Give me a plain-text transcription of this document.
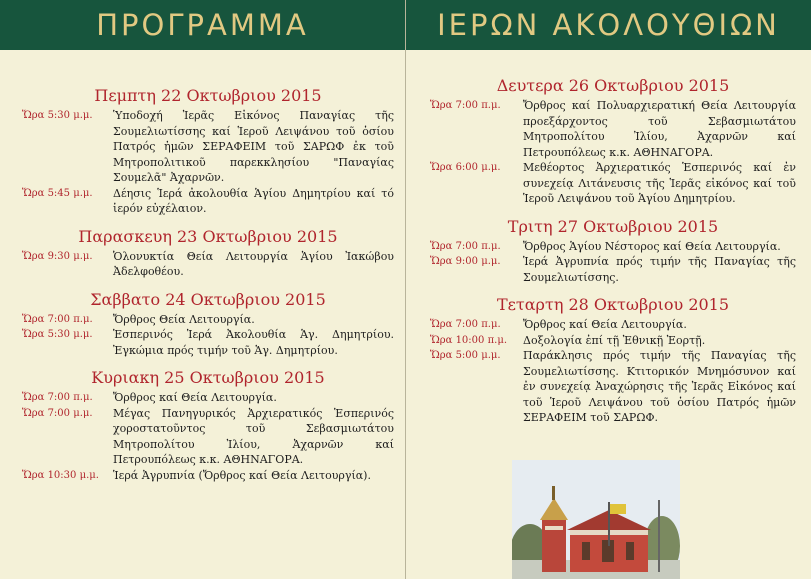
ΠΡΟΓΡΑΜΜΑ	ΙΕΡΩΝ ΑΚΟΛΟΥΘΙΩΝ
Πεμπτη 22 Οκτωβριου 2015
Ὥρα 5:30 μ.μ.	Ὑποδοχή Ἱερᾶς Εἰκόνος Παναγίας τῆς Σουμελιωτίσσης καί Ἱεροῦ Λειψάνου τοῦ ὁσίου Πατρός ἡμῶν ΣΕΡΑΦΕΙΜ τοῦ ΣΑΡΩΦ ἐκ τοῦ Μητροπολιτικοῦ παρεκκλησίου "Παναγίας Σουμελᾶ" Ἀχαρνῶν.
Ὥρα 5:45 μ.μ.	Δέησις Ἱερά ἀκολουθία Ἁγίου Δημητρίου καί τό ἱερόν εὐχέλαιον.
Παρασκευη 23 Οκτωβριου 2015
Ὥρα 9:30 μ.μ.	Ὁλονυκτία Θεία Λειτουργία Ἁγίου Ἰακώβου Ἀδελφοθέου.
Σαββατο 24 Οκτωβριου 2015
Ὥρα 7:00 π.μ.	Ὄρθρος Θεία Λειτουργία.
Ὥρα 5:30 μ.μ.	Ἑσπερινός Ἱερά Ἀκολουθία Ἁγ. Δημητρίου. Ἐγκώμια πρός τιμήν τοῦ Ἁγ. Δημητρίου.
Κυριακη 25 Οκτωβριου 2015
Ὥρα 7:00 π.μ.	Ὄρθρος καί Θεία Λειτουργία.
Ὥρα 7:00 μ.μ.	Μέγας Πανηγυρικός Ἀρχιερατικός Ἑσπερινός χοροστατοῦντος τοῦ Σεβασμιωτάτου Μητροπολίτου Ἰλίου, Ἀχαρνῶν καί Πετρουπόλεως κ.κ. ΑΘΗΝΑΓΟΡΑ.
Ὥρα 10:30 μ.μ.	Ἱερά Ἀγρυπνία (Ὄρθρος καί Θεία Λειτουργία).
Δευτερα 26 Οκτωβριου 2015
Ὥρα 7:00 π.μ.	Ὄρθρος καί Πολυαρχιερατική Θεία Λειτουργία προεξάρχοντος τοῦ Σεβασμιωτάτου Μητροπολίτου Ἰλίου, Ἀχαρνῶν καί Πετρουπόλεως κ.κ. ΑΘΗΝΑΓΟΡΑ.
Ὥρα 6:00 μ.μ.	Μεθέορτος Ἀρχιερατικός Ἑσπερινός καί ἐν συνεχείᾳ Λιτάνευσις τῆς Ἱερᾶς εἰκόνος καί τοῦ Ἱεροῦ Λειψάνου τοῦ Ἁγίου Δημητρίου.
Τριτη 27 Οκτωβριου 2015
Ὥρα 7:00 π.μ.	Ὄρθρος Ἁγίου Νέστορος καί Θεία Λειτουργία.
Ὥρα 9:00 μ.μ.	Ἱερά Ἀγρυπνία πρός τιμήν τῆς Παναγίας τῆς Σουμελιωτίσσης.
Τεταρτη 28 Οκτωβριου 2015
Ὥρα 7:00 π.μ.	Ὄρθρος καί Θεία Λειτουργία.
Ὥρα 10:00 π.μ.	Δοξολογία ἐπί τῇ Ἐθνικῇ Ἑορτῇ.
Ὥρα 5:00 μ.μ.	Παράκλησις πρός τιμήν τῆς Παναγίας τῆς Σουμελιωτίσσης. Κτιτορικόν Μνημόσυνον καί ἐν συνεχείᾳ Ἀναχώρησις τῆς Ἱερᾶς Εἰκόνος καί τοῦ Ἱεροῦ Λειψάνου τοῦ ὁσίου Πατρός ἡμῶν ΣΕΡΑΦΕΙΜ τοῦ ΣΑΡΩΦ.
